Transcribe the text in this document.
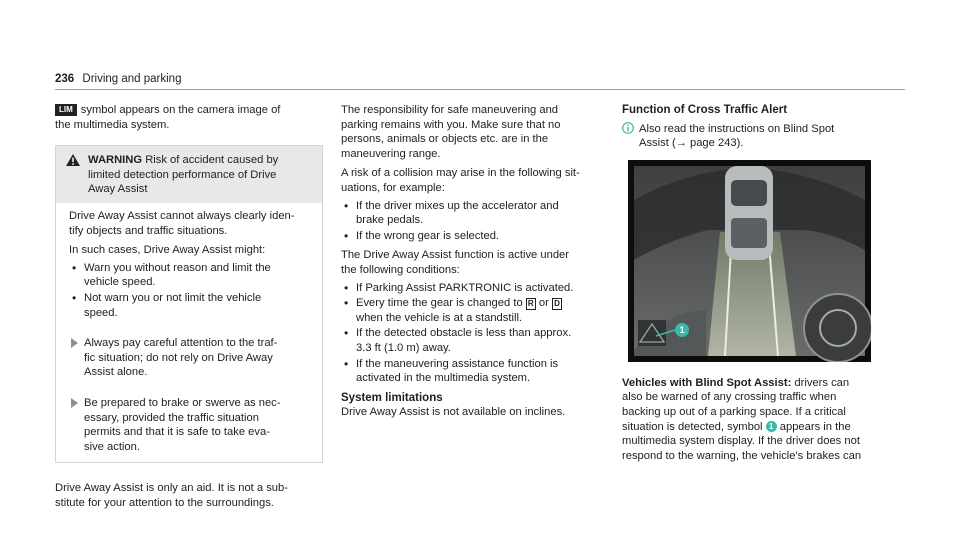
236 Driving and parking

LIM symbol appears on the camera image of
the multimedia system.

WARNING Risk of accident caused by
limited detection performance of Drive
Away Assist

Drive Away Assist cannot always clearly iden-
tify objects and traffic situations.

In such cases, Drive Away Assist might:

• Warn you without reason and limit the
vehicle speed.
• Not warn you or not limit the vehicle
speed.
Always pay careful attention to the traf-
fic situation; do not rely on Drive Away
Assist alone.
Be prepared to brake or swerve as nec-
essary, provided the traffic situation
permits and that it is safe to take eva-
sive action.

Drive Away Assist is only an aid. It is not a sub-
stitute for your attention to the surroundings.

The responsibility for safe maneuvering and
parking remains with you. Make sure that no
persons, animals or objects etc. are in the
maneuvering range.

A risk of a collision may arise in the following sit-
uations, for example:

• If the driver mixes up the accelerator and
brake pedals.
• If the wrong gear is selected.

The Drive Away Assist function is active under
the following conditions:

• If Parking Assist PARKTRONIC is activated.
• Every time the gear is changed to R or D
when the vehicle is at a standstill.
• If the detected obstacle is less than approx.
3.3 ft (1.0 m) away.
• If the maneuvering assistance function is
activated in the multimedia system.

System limitations

Drive Away Assist is not available on inclines.

Function of Cross Traffic Alert

Also read the instructions on Blind Spot
Assist (→ page 243).
1

Vehicles with Blind Spot Assist: drivers can
also be warned of any crossing traffic when
backing up out of a parking space. If a critical
situation is detected, symbol 1 appears in the
multimedia system display. If the driver does not
respond to the warning, the vehicle's brakes can
